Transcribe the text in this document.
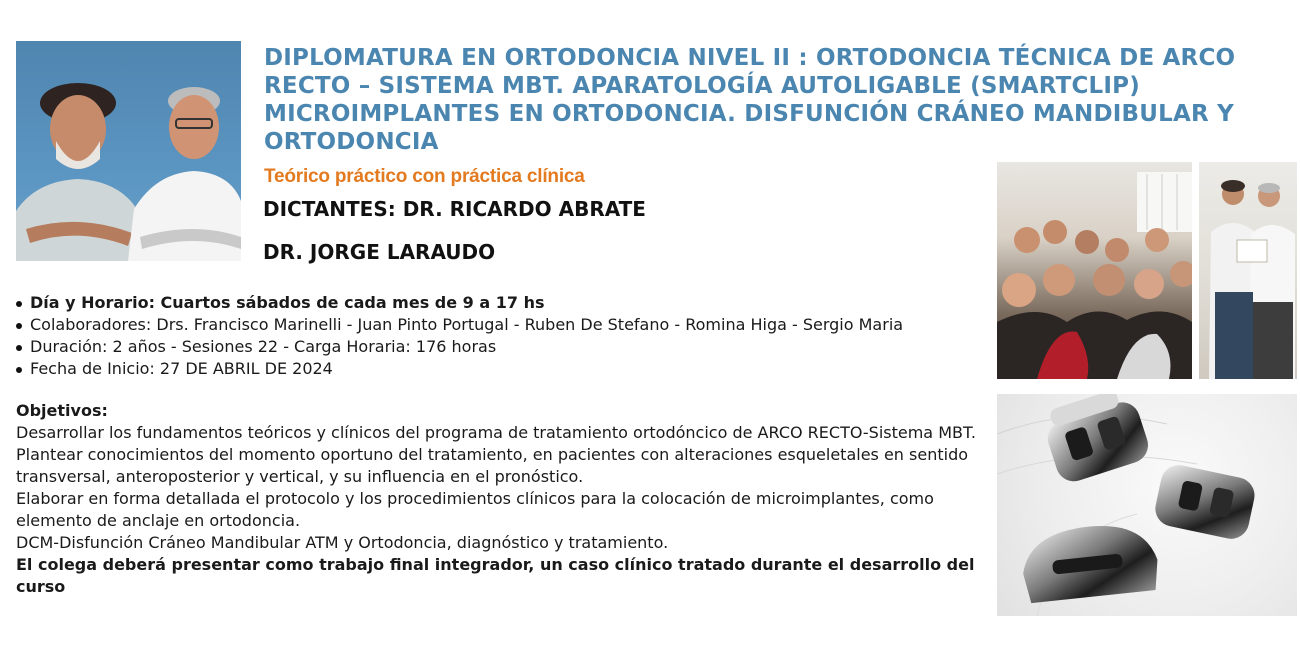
DIPLOMATURA EN ORTODONCIA NIVEL II : ORTODONCIA TÉCNICA DE ARCO RECTO – SISTEMA MBT. APARATOLOGÍA AUTOLIGABLE (SMARTCLIP) MICROIMPLANTES EN ORTODONCIA. DISFUNCIÓN CRÁNEO MANDIBULAR Y ORTODONCIA
Teórico práctico con práctica clínica
DICTANTES: DR. RICARDO ABRATE
DR. JORGE LARAUDO
Día y Horario: Cuartos sábados de cada mes de 9 a 17 hs
Colaboradores: Drs. Francisco Marinelli - Juan Pinto Portugal - Ruben De Stefano - Romina Higa - Sergio Maria
Duración: 2 años - Sesiones 22 - Carga Horaria: 176 horas
Fecha de Inicio: 27 DE ABRIL DE 2024

Objetivos:

Desarrollar los fundamentos teóricos y clínicos del programa de tratamiento ortodóncico de ARCO RECTO-Sistema MBT.

Plantear conocimientos del momento oportuno del tratamiento, en pacientes con alteraciones esqueletales en sentido transversal, anteroposterior y vertical, y su influencia en el pronóstico.

Elaborar en forma detallada el protocolo y los procedimientos clínicos para la colocación de microimplantes, como elemento de anclaje en ortodoncia.

DCM-Disfunción Cráneo Mandibular ATM y Ortodoncia, diagnóstico y tratamiento.

El colega deberá presentar como trabajo final integrador, un caso clínico tratado durante el desarrollo del curso
